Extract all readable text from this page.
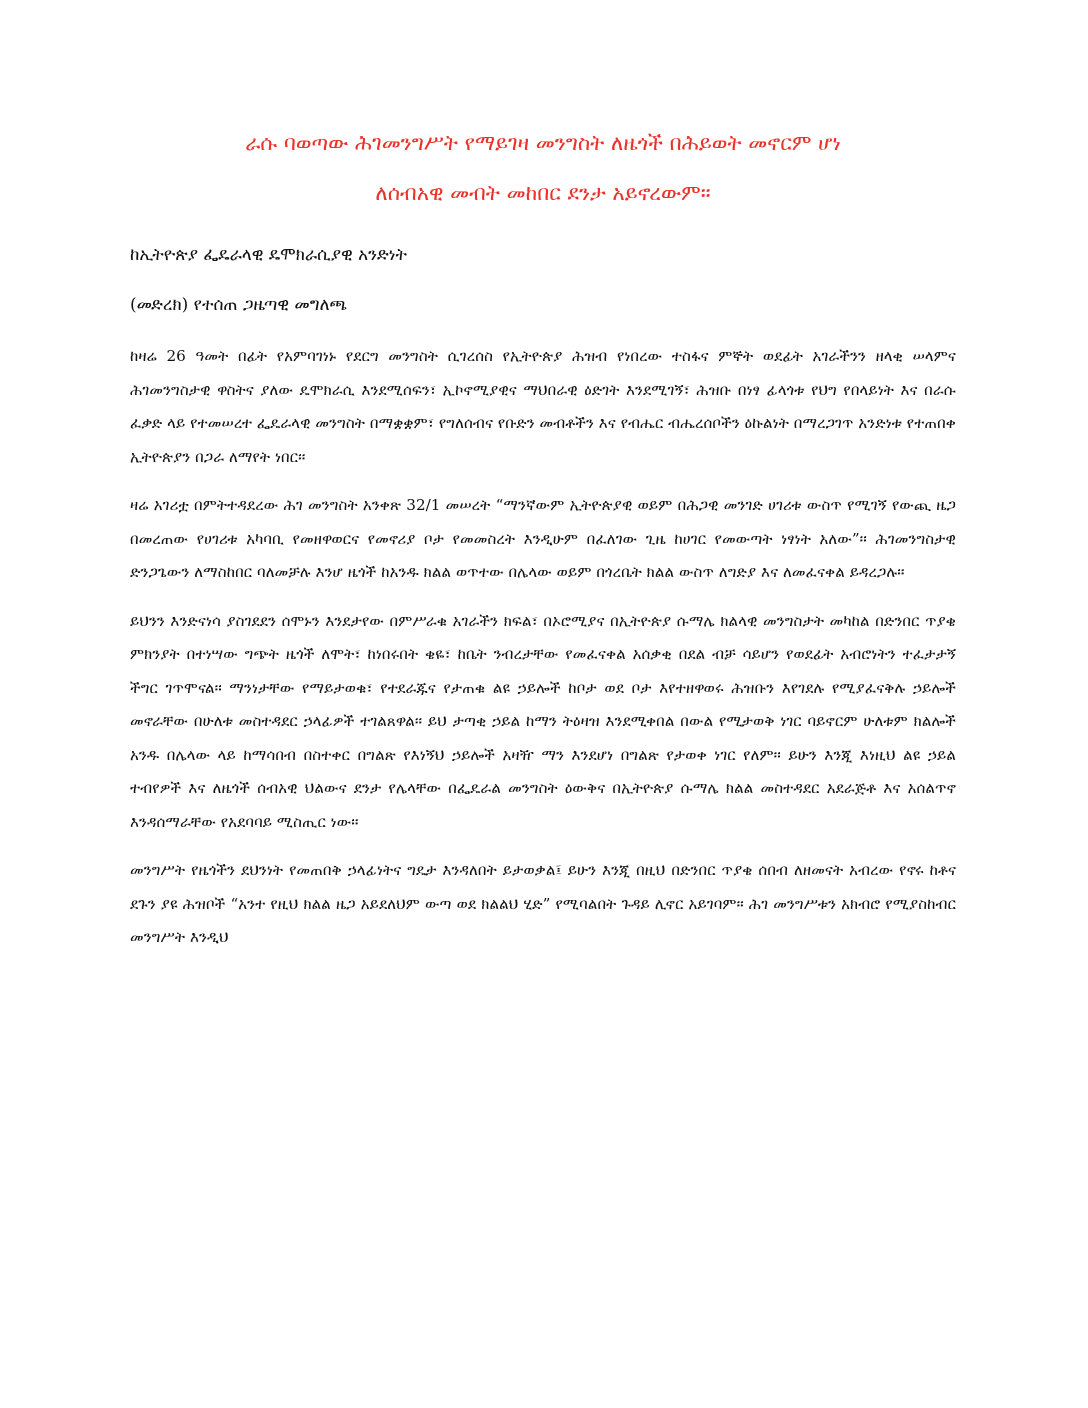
ራሱ ባወጣው ሕገመንግሥት የማይገዛ መንግስት ለዜጎች በሕይወት መኖርም ሆነ
ለሰብአዊ መብት መከበር ደንታ አይኖረውም።

ከኢትዮጵያ ፌዴራላዊ ዴሞክራሲያዊ አንድነት

(መድረክ) የተሰጠ ጋዜጣዊ መግለጫ

ከዛሬ 26 ዓመት በፊት የአምባገነኑ የደርግ መንግስት ሲገረሰስ የኢትዮጵያ ሕዝብ የነበረው ተስፋና ምኞት ወደፊት አገራችንን ዘላቂ ሠላምና ሕገመንግስታዊ ዋስትና ያለው ዴሞክራሲ እንደሚሰፍን፣ ኢኮኖሚያዊና ማህበራዊ ዕድገት እንደሚገኝ፣ ሕዝቡ በነፃ ፊላጎቱ የህግ የበላይነት እና በራሱ ፈቃድ ላይ የተመሠረተ ፌዴራላዊ መንግስት በማቋቋም፣ የግለሰብና የቡድን መብቶችን እና የብሔር ብሔረሰቦችን ዕኩልነት በማረጋገጥ አንድነቱ የተጠበቀ ኢትዮጵያን በጋራ ለማየት ነበር፡፡

ዛሬ አገሪቷ በምትተዳደረው ሕገ መንግስት አንቀጽ 32/1 መሠረት “ማንኛውም ኢትዮጵያዊ ወይም በሕጋዊ መንገድ ሀገሪቱ ውስጥ የሚገኝ የውጪ ዜጋ በመረጠው የሀገሪቱ አካባቢ የመዘዋወርና የመኖሪያ ቦታ የመመስረት እንዲሁም በፈለገው ጊዜ ከሀገር የመውጣት ነፃነት አለው”፡፡ ሕገመንግስታዊ ድንጋጌውን ለማስከበር ባለመቻሉ እንሆ ዜጎች ከአንዱ ክልል ወጥተው በሌላው ወይም በጎረቤት ክልል ውስጥ ለግድያ እና ለመፈናቀል ይዳረጋሉ፡፡

ይህንን እንድናነሳ ያስገደደን ሰሞኑን እንደታየው በምሥራቁ አገራችን ክፍል፣ በኦሮሚያና በኢትዮጵያ ሱማሌ ክልላዊ መንግስታት መካከል በድንበር ጥያቄ ምክንያት በተነሣው ግጭት ዜጎች ለሞት፣ ከነበሩበት ቄዬ፣ ከቤት ንብረታቸው የመፈናቀል አሰቃቂ በደል ብቻ ሳይሆን የወደፊት አብሮነትን ተፈታታኝ ችግር ገጥሞናል፡፡ ማንነታቸው የማይታወቁ፣ የተደራጁና የታጠቁ ልዩ ኃይሎች ከቦታ ወደ ቦታ እየተዘዋወሩ ሕዝቡን እየገደሉ የሚያፈናቅሉ ኃይሎች መኖራቸው በሁለቱ መስተዳደር ኃላፊዎች ተገልጸዋል፡፡ ይህ ታጣቂ ኃይል ከማን ትዕዛዝ እንደሚቀበል በውል የሚታወቅ ነገር ባይኖርም ሁለቱም ክልሎች አንዱ በሌላው ላይ ከማሳበብ በስተቀር በግልጽ የእነኝህ ኃይሎች አዛዥ ማን እንደሆነ በግልጽ የታወቀ ነገር የለም፡፡ ይሁን እንጂ እነዚህ ልዩ ኃይል ተብየዎች እና ለዜጎች ሰብአዊ ህልውና ደንታ የሌላቸው በፌዴራል መንግስት ዕውቅና በኢትዮጵያ ሱማሌ ክልል መስተዳደር አደራጅቶ እና አሰልጥኖ እንዳሰማራቸው የአደባባይ ሚስጢር ነው፡፡

መንግሥት የዜጎችን ደህንነት የመጠበቅ ኃላፊነትና ግዴታ እንዳለበት ይታወቃል፤ ይሁን እንጂ በዚህ በድንበር ጥያቄ ሰበብ ለዘመናት አብረው የኖሩ ከቶና ደጉን ያዩ ሕዝቦች “አንተ የዚህ ክልል ዜጋ አይደለህም ውጣ ወደ ክልልህ ሂድ” የሚባልበት ጉዳይ ሊኖር አይገባም፡፡ ሕገ መንግሥቱን አክብሮ የሚያስከብር መንግሥት እንዲህ
